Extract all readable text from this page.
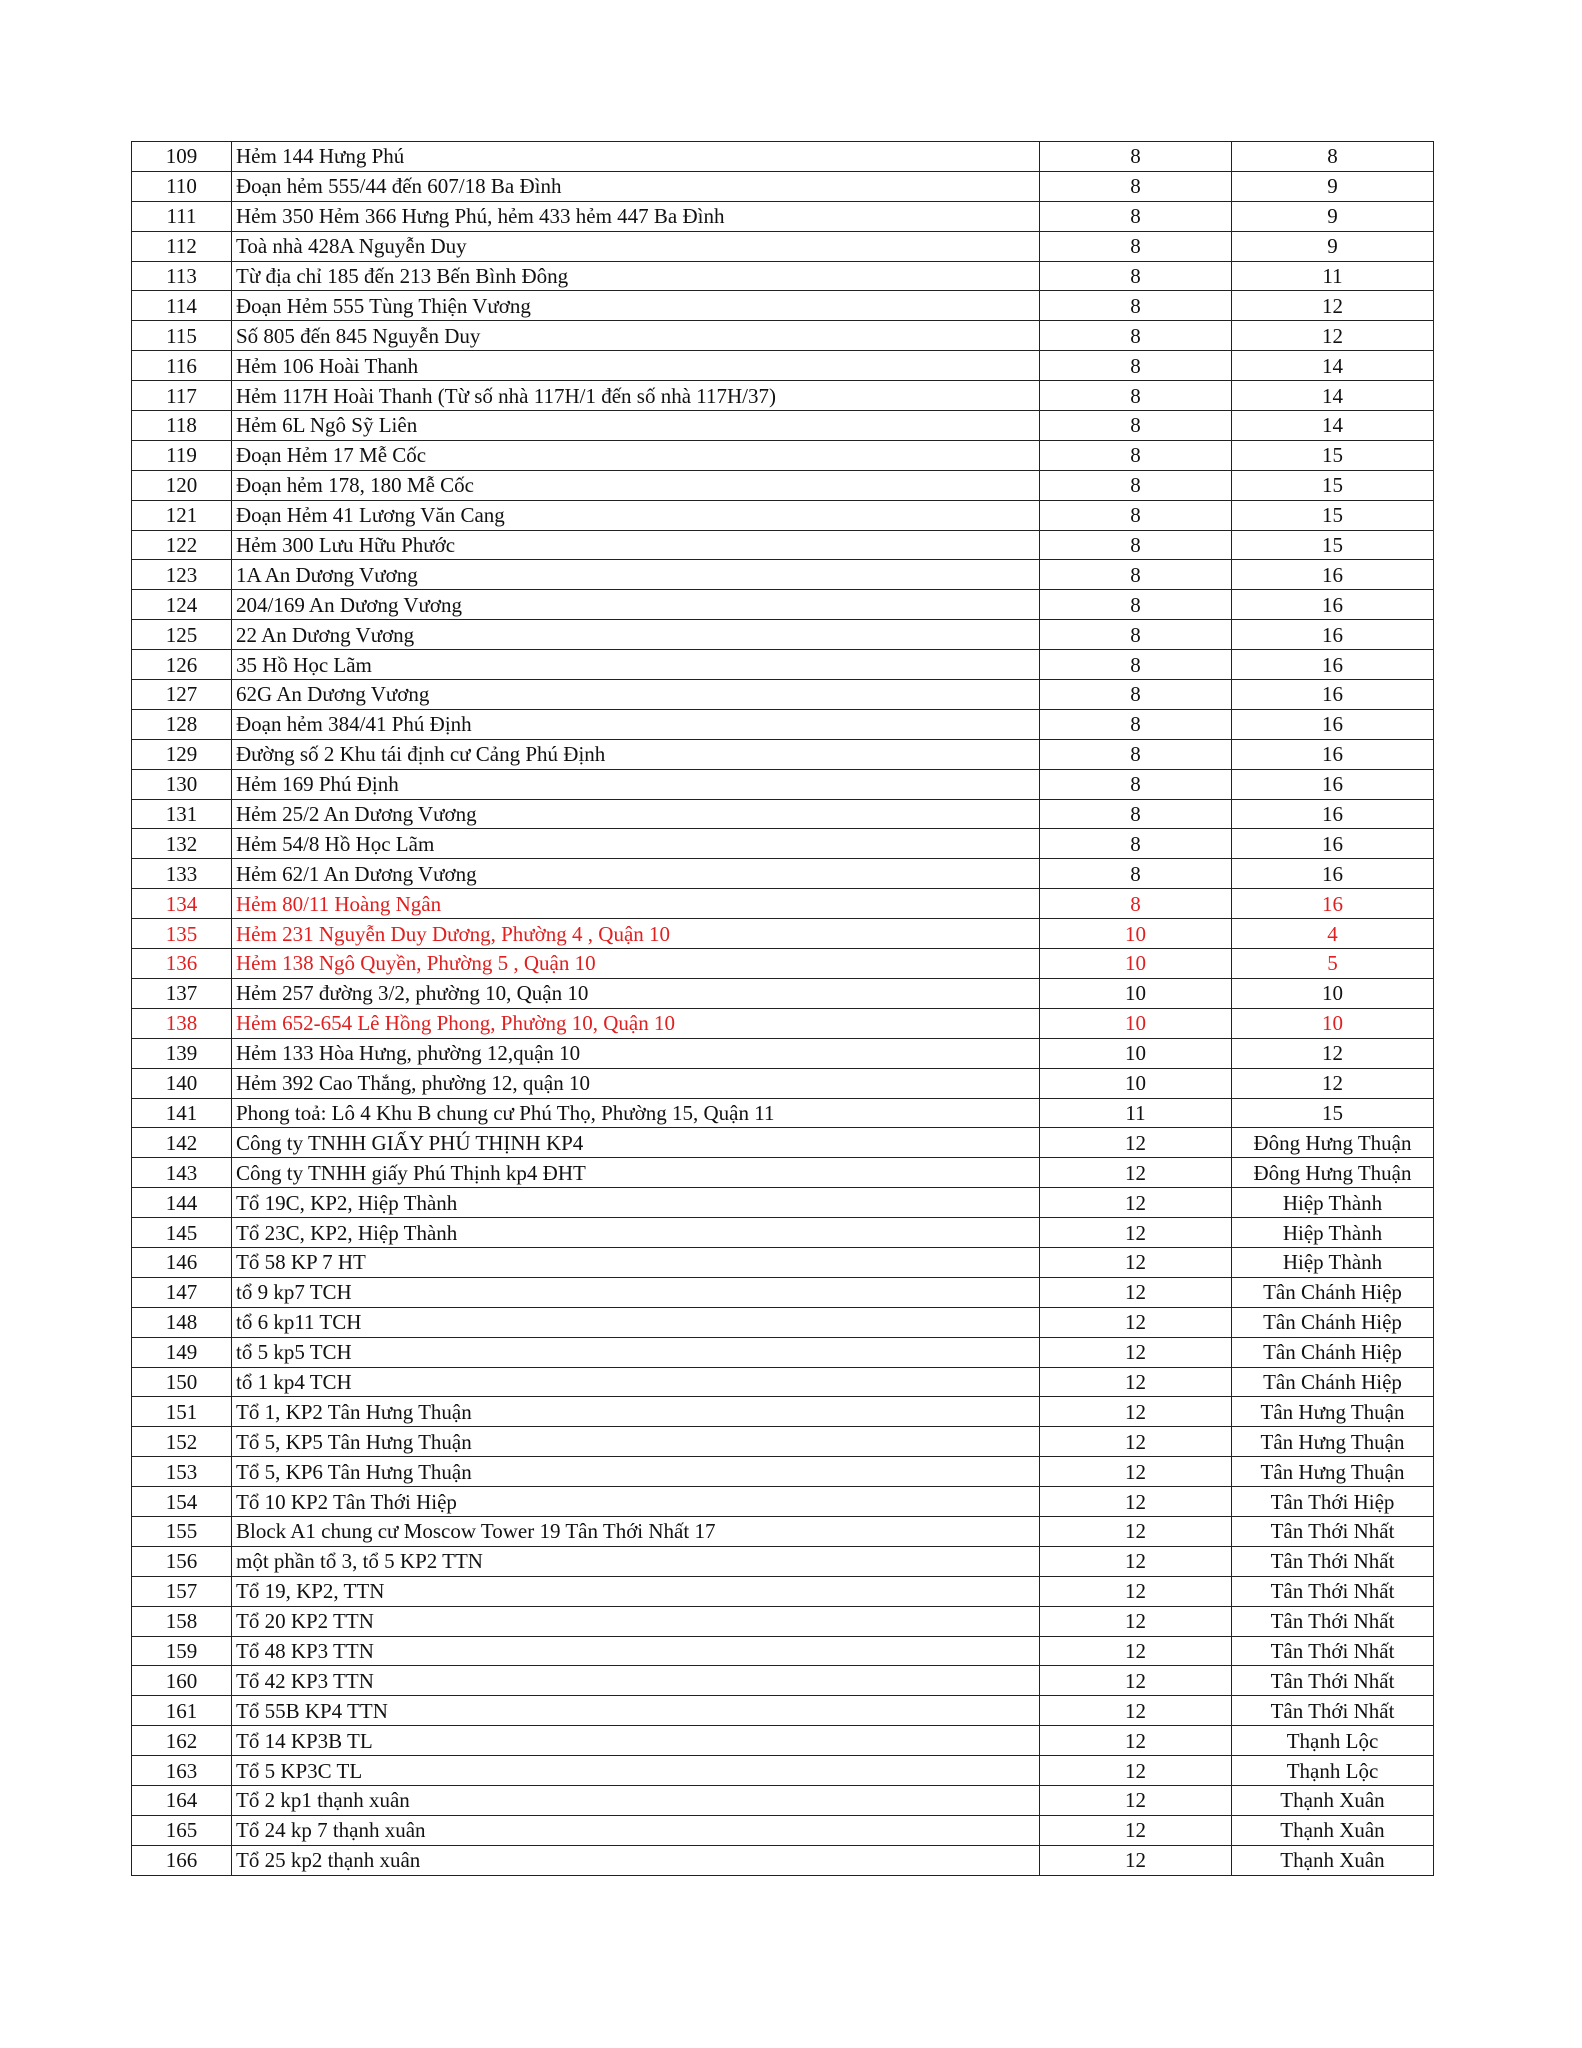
109	Hẻm 144 Hưng Phú	8	8
110	Đoạn hẻm 555/44 đến 607/18 Ba Đình	8	9
111	Hẻm 350 Hẻm 366 Hưng Phú, hẻm 433 hẻm 447 Ba Đình	8	9
112	Toà nhà 428A Nguyễn Duy	8	9
113	Từ địa chỉ 185 đến 213 Bến Bình Đông	8	11
114	Đoạn Hẻm 555 Tùng Thiện Vương	8	12
115	Số 805 đến 845 Nguyễn Duy	8	12
116	Hẻm 106 Hoài Thanh	8	14
117	Hẻm 117H Hoài Thanh (Từ số nhà 117H/1 đến số nhà 117H/37)	8	14
118	Hẻm 6L Ngô Sỹ Liên	8	14
119	Đoạn Hẻm 17 Mễ Cốc	8	15
120	Đoạn hẻm 178, 180 Mễ Cốc	8	15
121	Đoạn Hẻm 41 Lương Văn Cang	8	15
122	Hẻm 300 Lưu Hữu Phước	8	15
123	1A An Dương Vương	8	16
124	204/169 An Dương Vương	8	16
125	22 An Dương Vương	8	16
126	35 Hồ Học Lãm	8	16
127	62G An Dương Vương	8	16
128	Đoạn hẻm 384/41 Phú Định	8	16
129	Đường số 2 Khu tái định cư Cảng Phú Định	8	16
130	Hẻm 169 Phú Định	8	16
131	Hẻm 25/2 An Dương Vương	8	16
132	Hẻm 54/8 Hồ Học Lãm	8	16
133	Hẻm 62/1 An Dương Vương	8	16
134	Hẻm 80/11 Hoàng Ngân	8	16
135	Hẻm 231 Nguyễn Duy Dương, Phường 4 , Quận 10	10	4
136	Hẻm 138 Ngô Quyền, Phường 5 , Quận 10	10	5
137	Hẻm 257 đường 3/2, phường 10, Quận 10	10	10
138	Hẻm 652-654 Lê Hồng Phong, Phường 10, Quận 10	10	10
139	Hẻm 133 Hòa Hưng, phường 12,quận 10	10	12
140	Hẻm 392 Cao Thắng, phường 12, quận 10	10	12
141	Phong toả: Lô 4 Khu B chung cư Phú Thọ, Phường 15, Quận 11	11	15
142	Công ty TNHH GIẤY PHÚ THỊNH KP4	12	Đông Hưng Thuận
143	Công ty TNHH giấy Phú Thịnh kp4 ĐHT	12	Đông Hưng Thuận
144	Tổ 19C, KP2, Hiệp Thành	12	Hiệp Thành
145	Tổ 23C, KP2, Hiệp Thành	12	Hiệp Thành
146	Tổ 58 KP 7 HT	12	Hiệp Thành
147	tổ 9 kp7 TCH	12	Tân Chánh Hiệp
148	tổ 6 kp11 TCH	12	Tân Chánh Hiệp
149	tổ 5 kp5 TCH	12	Tân Chánh Hiệp
150	tổ 1 kp4 TCH	12	Tân Chánh Hiệp
151	Tổ 1, KP2 Tân Hưng Thuận	12	Tân Hưng Thuận
152	Tổ 5, KP5 Tân Hưng Thuận	12	Tân Hưng Thuận
153	Tổ 5, KP6 Tân Hưng Thuận	12	Tân Hưng Thuận
154	Tổ 10 KP2 Tân Thới Hiệp	12	Tân Thới Hiệp
155	Block A1 chung cư Moscow Tower 19 Tân Thới Nhất 17	12	Tân Thới Nhất
156	một phần tổ 3, tổ 5 KP2 TTN	12	Tân Thới Nhất
157	Tổ 19, KP2, TTN	12	Tân Thới Nhất
158	Tổ 20 KP2 TTN	12	Tân Thới Nhất
159	Tổ 48 KP3 TTN	12	Tân Thới Nhất
160	Tổ 42 KP3 TTN	12	Tân Thới Nhất
161	Tổ 55B KP4 TTN	12	Tân Thới Nhất
162	Tổ 14 KP3B TL	12	Thạnh Lộc
163	Tổ 5 KP3C TL	12	Thạnh Lộc
164	Tổ 2 kp1 thạnh xuân	12	Thạnh Xuân
165	Tổ 24 kp 7 thạnh xuân	12	Thạnh Xuân
166	Tổ 25 kp2 thạnh xuân	12	Thạnh Xuân
